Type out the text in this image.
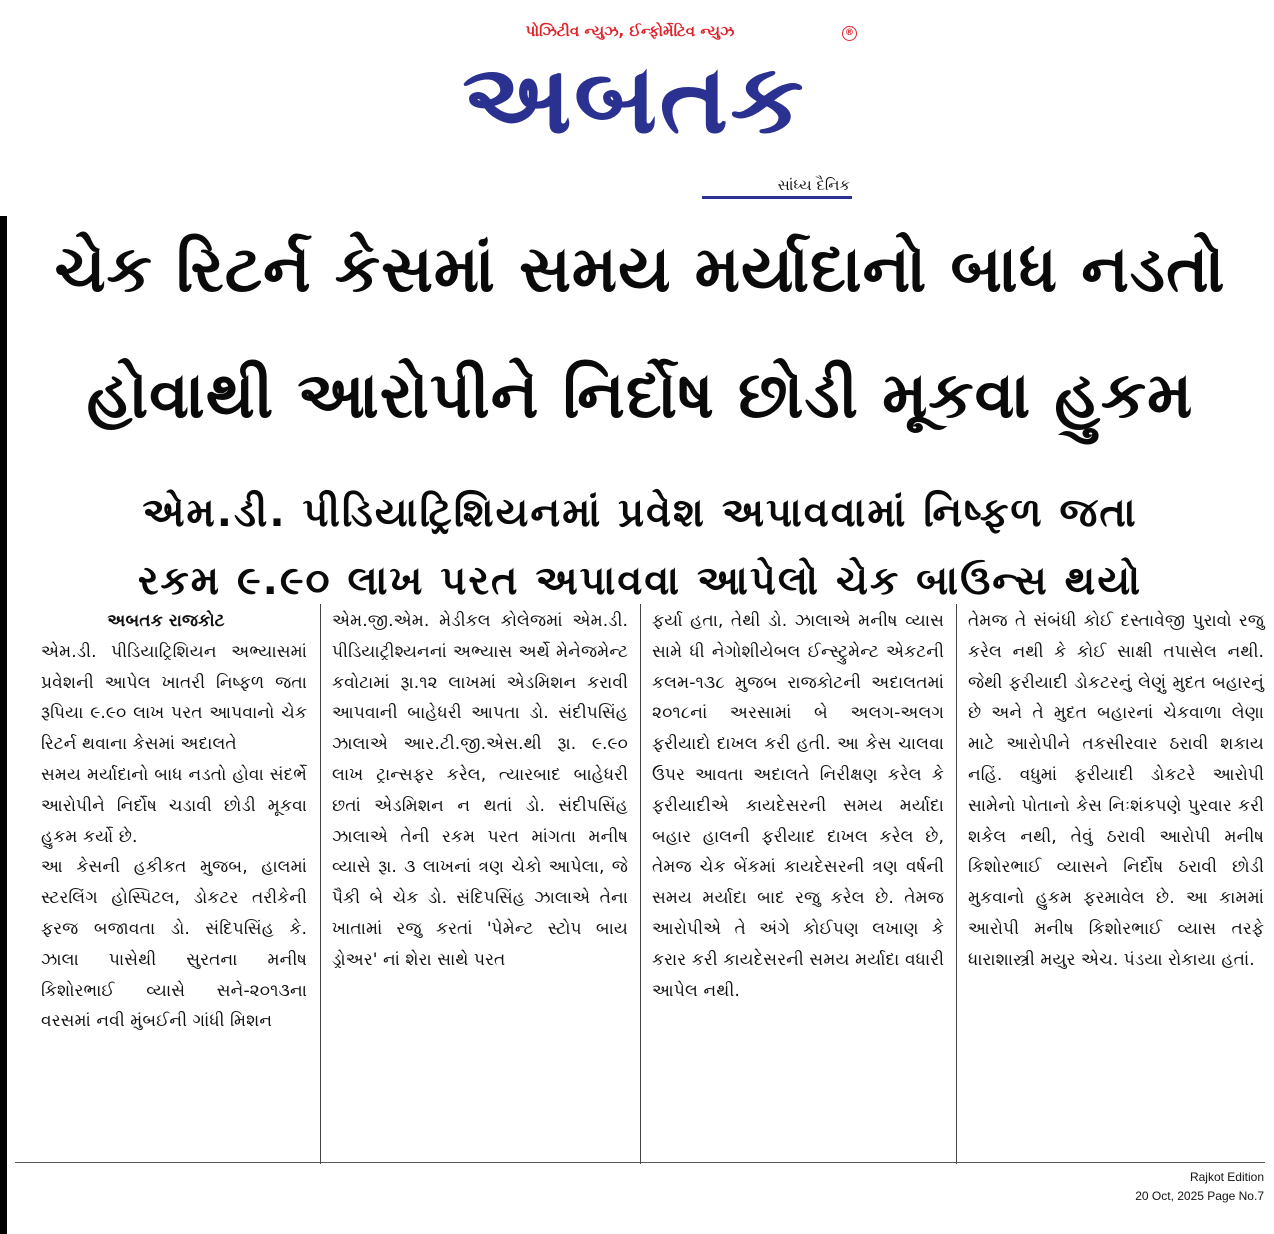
પોઝિટીવ ન્યુઝ, ઈન્ફોર્મેટિવ ન્યુઝ
અબતક
®
સાંધ્ય દૈનિક
ચેક રિટર્ન કેસમાં સમય મર્યાદાનો બાધ નડતો
હોવાથી આરોપીને નિર્દોષ છોડી મૂકવા હુકમ
એમ.ડી. પીડિયાટ્રિશિયનમાં પ્રવેશ અપાવવામાં નિષ્ફળ જતા
રકમ ૯.૯૦ લાખ પરત અપાવવા આપેલો ચેક બાઉન્સ થયો
અબતક રાજકોટ

એમ.ડી. પીડિયાટ્રિશિયન અભ્યાસમાં પ્રવેશની આપેલ ખાતરી નિષ્ફળ જતા રૂપિયા ૯.૯૦ લાખ પરત આપવાનો ચેક રિટર્ન થવાના કેસમાં અદાલતે

સમય મર્યાદાનો બાધ નડતો હોવા સંદર્ભે આરોપીને નિર્દોષ ચડાવી છોડી મૂકવા હુકમ કર્યો છે.

આ કેસની હકીકત મુજબ, હાલમાં સ્ટરલિંગ હોસ્પિટલ, ડોકટર તરીકેની ફરજ બજાવતા ડો. સંદિપસિંહ કે. ઝાલા પાસેથી સુરતના મનીષ કિશોરભાઈ વ્યાસે સને-૨૦૧૩ના વરસમાં નવી મુંબઈની ગાંધી મિશન

એમ.જી.એમ. મેડીકલ કોલેજમાં એમ.ડી. પીડિયાટ્રીશ્યનનાં અભ્યાસ અર્થે મેનેજમેન્ટ કવોટામાં રૂા.૧૨ લાખમાં એડમિશન કરાવી આપવાની બાહેધરી આપતા ડો. સંદીપસિંહ ઝાલાએ આર.ટી.જી.એસ.થી રૂા. ૯.૯૦ લાખ ટ્રાન્સફર કરેલ, ત્યારબાદ બાહેધરી છતાં એડમિશન ન થતાં ડો. સંદીપસિંહ ઝાલાએ તેની રકમ પરત માંગતા મનીષ વ્યાસે રૂા. ૩ લાખનાં ત્રણ ચેકો આપેલા, જે પૈકી બે ચેક ડો. સંદિપસિંહ ઝાલાએ તેના ખાતામાં રજુ કરતાં 'પેમેન્ટ સ્ટોપ બાય ડ્રોઅર' નાં શેરા સાથે પરત

ફર્યા હતા, તેથી ડો. ઝાલાએ મનીષ વ્યાસ સામે ધી નેગોશીયેબલ ઈન્સ્ટ્રુમેન્ટ એકટની કલમ-૧૩૮ મુજબ રાજકોટની અદાલતમાં ૨૦૧૮નાં અરસામાં બે અલગ-અલગ ફરીયાદો દાખલ કરી હતી. આ કેસ ચાલવા ઉપર આવતા અદાલતે નિરીક્ષણ કરેલ કે ફરીયાદીએ કાયદેસરની સમય મર્યાદા બહાર હાલની ફરીયાદ દાખલ કરેલ છે, તેમજ ચેક બેંકમાં કાયદેસરની ત્રણ વર્ષની સમય મર્યાદા બાદ રજુ કરેલ છે. તેમજ આરોપીએ તે અંગે કોઈપણ લખાણ કે કરાર કરી કાયદેસરની સમય મર્યાદા વધારી આપેલ નથી.

તેમજ તે સંબંધી કોઈ દસ્તાવેજી પુરાવો રજુ કરેલ નથી કે કોઈ સાક્ષી તપાસેલ નથી. જેથી ફરીયાદી ડોકટરનું લેણું મુદત બહારનું છે અને તે મુદત બહારનાં ચેકવાળા લેણા માટે આરોપીને તકસીરવાર ઠરાવી શકાય નહિં. વધુમાં ફરીયાદી ડોકટરે આરોપી સામેનો પોતાનો કેસ નિઃશંકપણે પુરવાર કરી શકેલ નથી, તેવું ઠરાવી આરોપી મનીષ કિશોરભાઈ વ્યાસને નિર્દોષ ઠરાવી છોડી મુકવાનો હુકમ ફરમાવેલ છે. આ કામમાં આરોપી મનીષ કિશોરભાઈ વ્યાસ તરફે ધારાશાસ્ત્રી મયુર એચ. પંડયા રોકાયા હતાં.

Rajkot Edition
20 Oct, 2025 Page No.7
